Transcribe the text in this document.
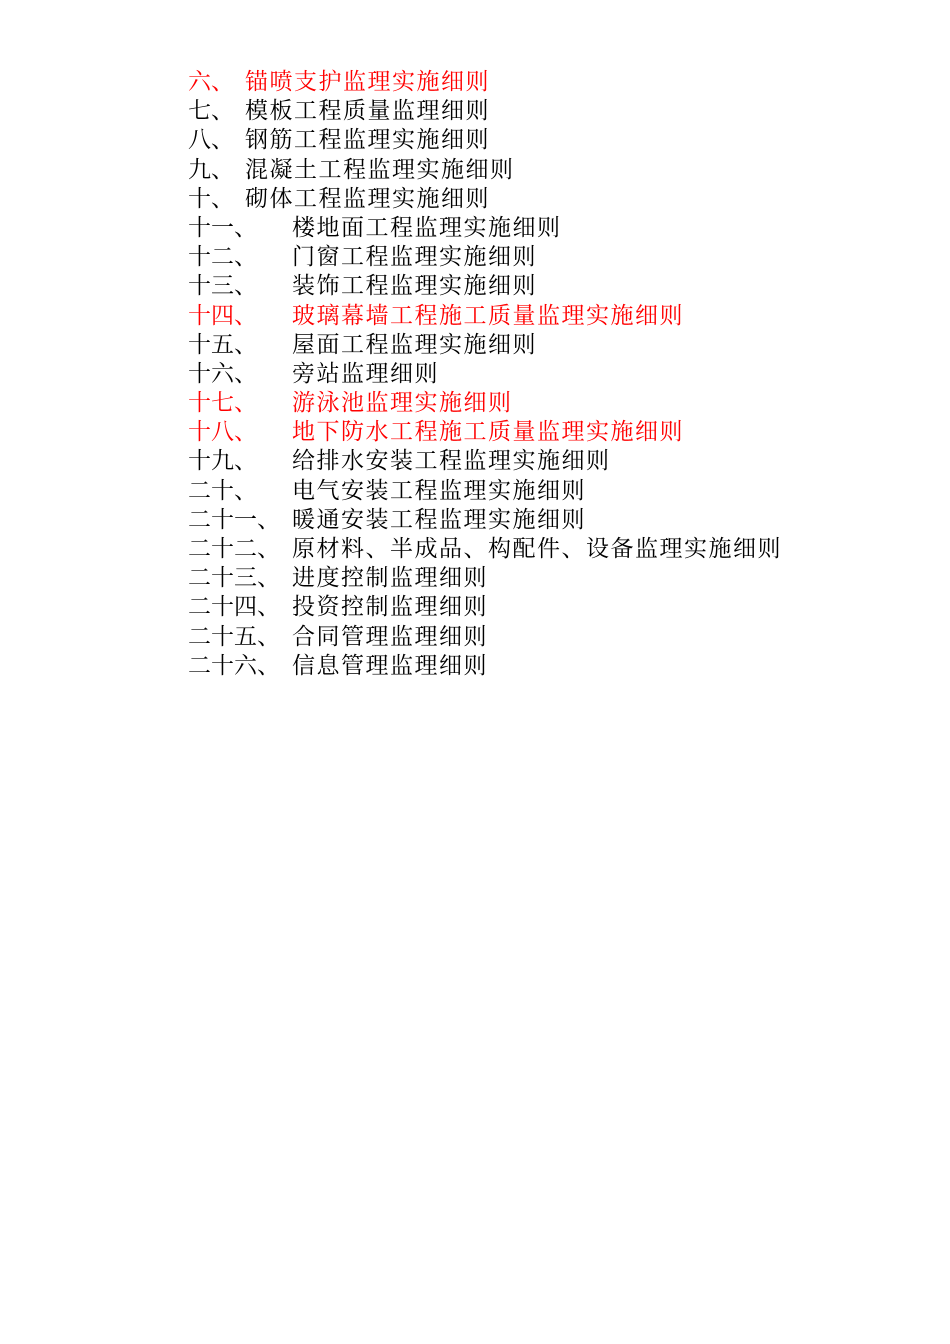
六、 锚喷支护监理实施细则
七、 模板工程质量监理细则
八、 钢筋工程监理实施细则
九、 混凝土工程监理实施细则
十、 砌体工程监理实施细则
十一、 楼地面工程监理实施细则
十二、 门窗工程监理实施细则
十三、 装饰工程监理实施细则
十四、 玻璃幕墙工程施工质量监理实施细则
十五、 屋面工程监理实施细则
十六、 旁站监理细则
十七、 游泳池监理实施细则
十八、 地下防水工程施工质量监理实施细则
十九、 给排水安装工程监理实施细则
二十、 电气安装工程监理实施细则
二十一、 暖通安装工程监理实施细则
二十二、 原材料、半成品、构配件、设备监理实施细则
二十三、 进度控制监理细则
二十四、 投资控制监理细则
二十五、 合同管理监理细则
二十六、 信息管理监理细则
